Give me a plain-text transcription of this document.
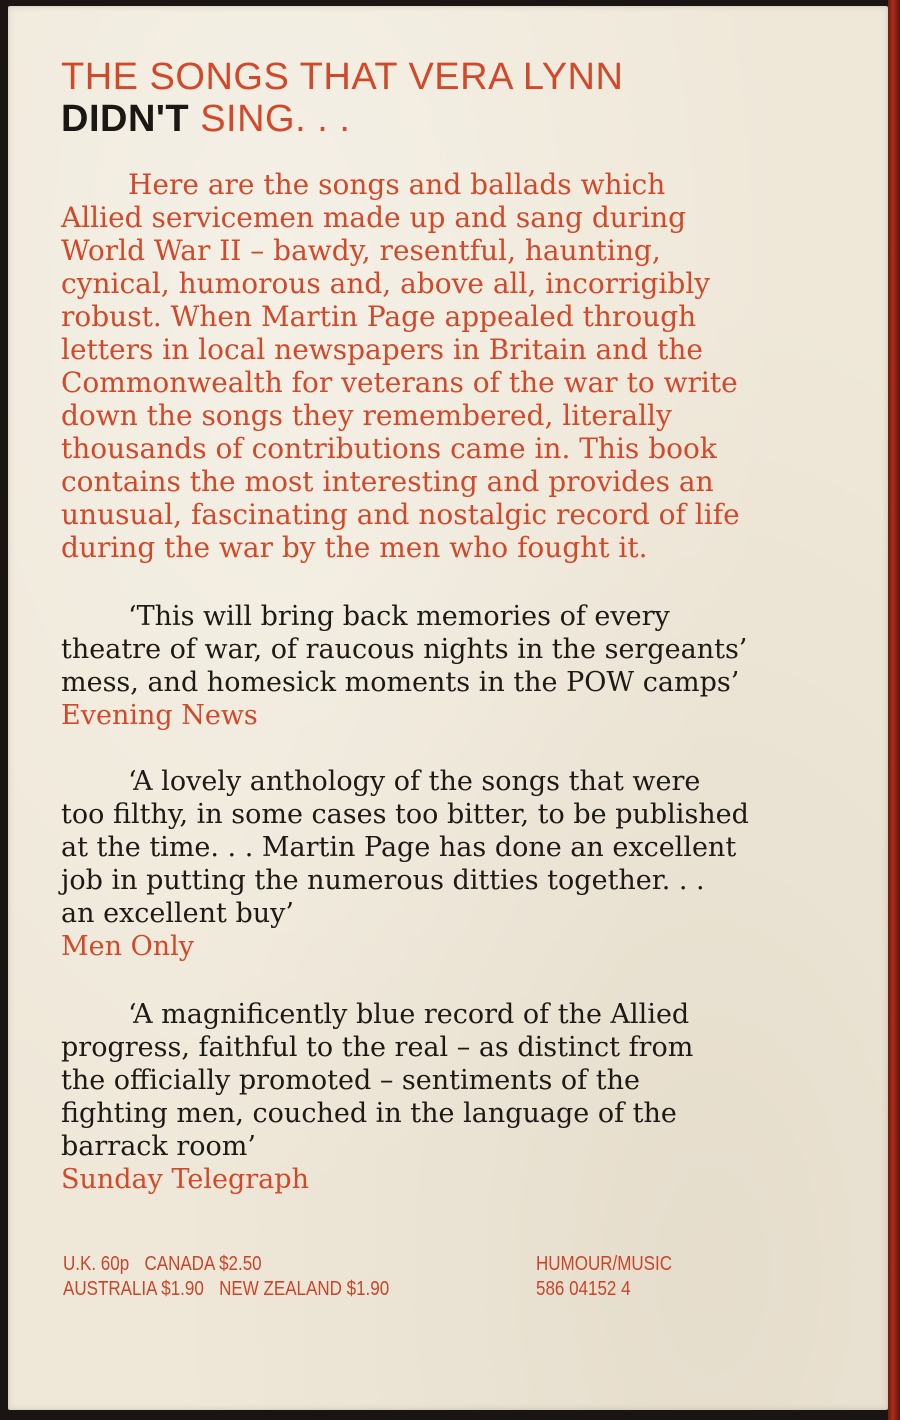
THE SONGS THAT VERA LYNN
DIDN'T SING. . .

Here are the songs and ballads which
Allied servicemen made up and sang during
World War II – bawdy, resentful, haunting,
cynical, humorous and, above all, incorrigibly
robust. When Martin Page appealed through
letters in local newspapers in Britain and the
Commonwealth for veterans of the war to write
down the songs they remembered, literally
thousands of contributions came in. This book
contains the most interesting and provides an
unusual, fascinating and nostalgic record of life
during the war by the men who fought it.

‘This will bring back memories of every
theatre of war, of raucous nights in the sergeants’
mess, and homesick moments in the POW camps’
Evening News

‘A lovely anthology of the songs that were
too filthy, in some cases too bitter, to be published
at the time. . . Martin Page has done an excellent
job in putting the numerous ditties together. . .
an excellent buy’
Men Only

‘A magnificently blue record of the Allied
progress, faithful to the real – as distinct from
the officially promoted – sentiments of the
fighting men, couched in the language of the
barrack room’
Sunday Telegraph

U.K. 60p CANADA $2.50
AUSTRALIA $1.90 NEW ZEALAND $1.90
HUMOUR/MUSIC
586 04152 4
